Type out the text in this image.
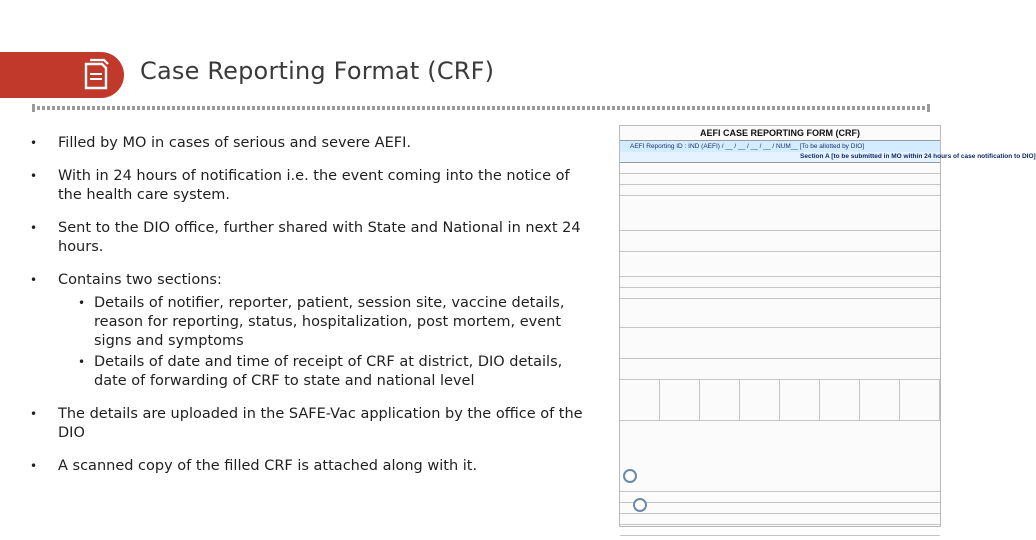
Case Reporting Format (CRF)
• Filled by MO in cases of serious and severe AEFI.
• With in 24 hours of notification i.e. the event coming into the notice of the health care system.
• Sent to the DIO office, further shared with State and National in next 24 hours.
• Contains two sections:
• Details of notifier, reporter, patient, session site, vaccine details, reason for reporting, status, hospitalization, post mortem, event signs and symptoms
• Details of date and time of receipt of CRF at district, DIO details, date of forwarding of CRF to state and national level
• The details are uploaded in the SAFE-Vac application by the office of the DIO
• A scanned copy of the filled CRF is attached along with it.
AEFI CASE REPORTING FORM (CRF)
AEFI Reporting ID : IND (AEFI) / __ / __ / __ / __ / NUM__ [To be allotted by DIO]
Section A [to be submitted in MO within 24 hours of case notification to DIO]
